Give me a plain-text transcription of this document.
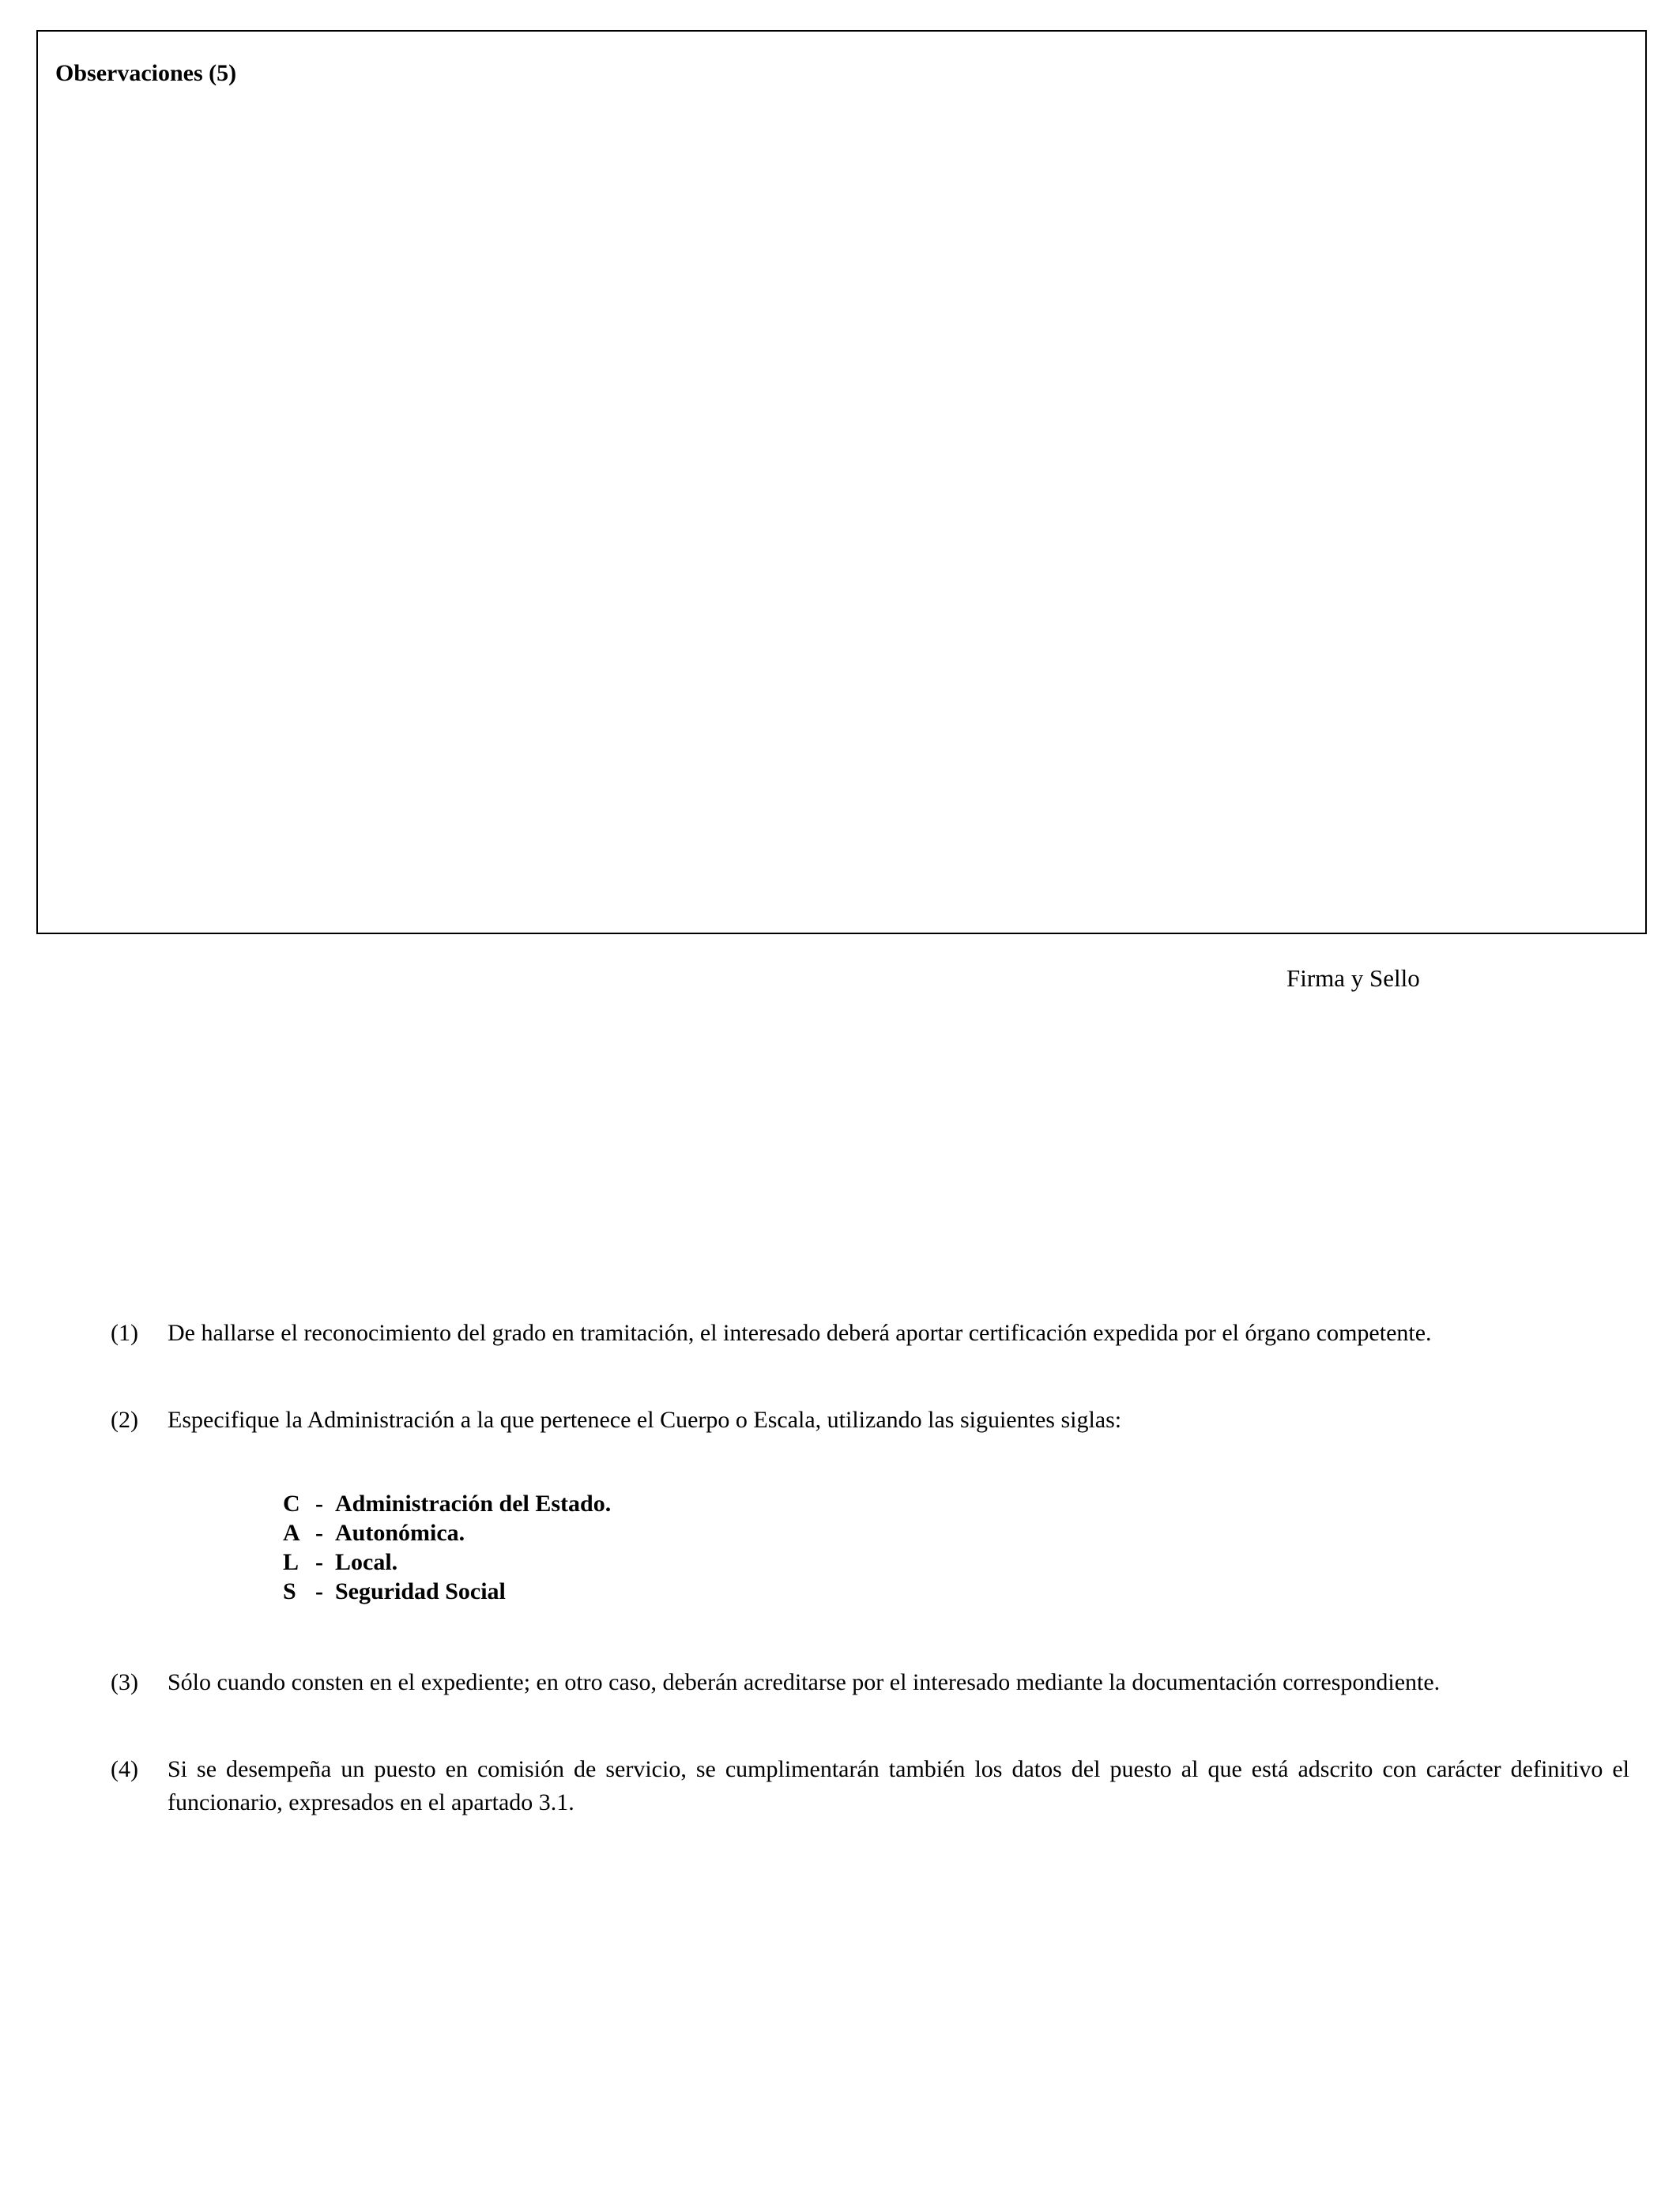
Observaciones (5)
Firma y Sello
(1) De hallarse el reconocimiento del grado en tramitación, el interesado deberá aportar certificación expedida por el órgano competente.
(2) Especifique la Administración a la que pertenece el Cuerpo o Escala, utilizando las siguientes siglas:
C - Administración del Estado.
A - Autonómica.
L - Local.
S - Seguridad Social
(3) Sólo cuando consten en el expediente; en otro caso, deberán acreditarse por el interesado mediante la documentación correspondiente.
(4) Si se desempeña un puesto en comisión de servicio, se cumplimentarán también los datos del puesto al que está adscrito con carácter definitivo el funcionario, expresados en el apartado 3.1.
